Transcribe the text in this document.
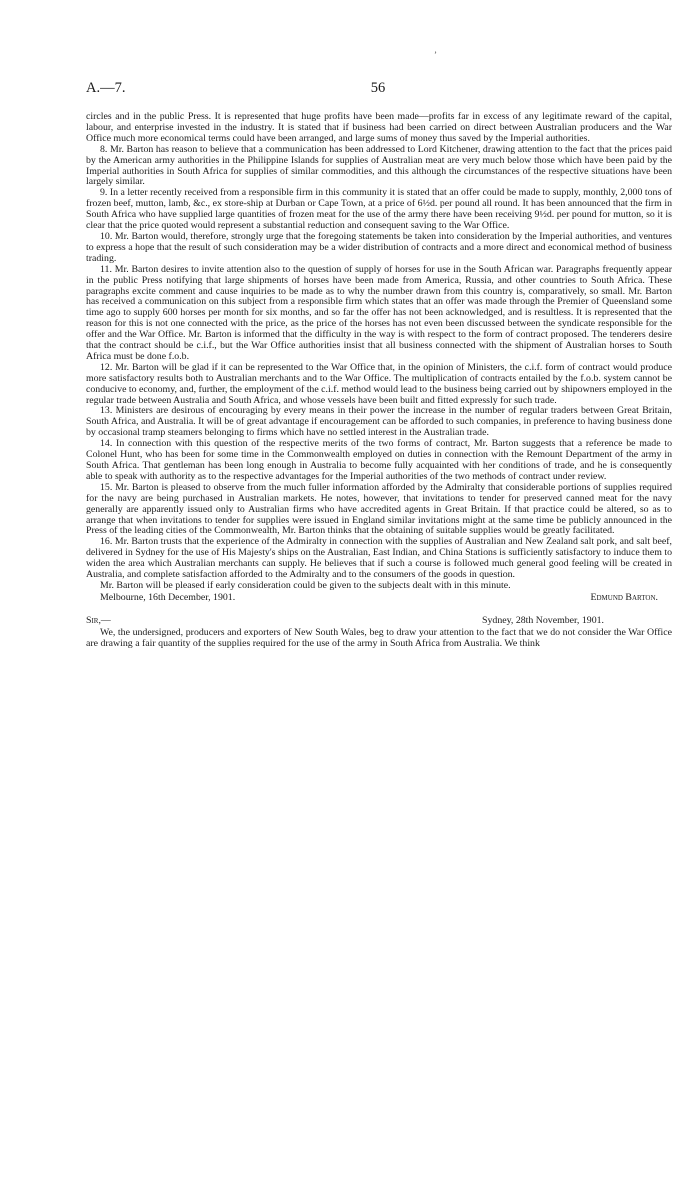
’
A.—7.	56

circles and in the public Press. It is represented that huge profits have been made—profits far in excess of any legitimate reward of the capital, labour, and enterprise invested in the industry. It is stated that if business had been carried on direct between Australian producers and the War Office much more economical terms could have been arranged, and large sums of money thus saved by the Imperial authorities.

8. Mr. Barton has reason to believe that a communication has been addressed to Lord Kitchener, drawing attention to the fact that the prices paid by the American army authorities in the Philippine Islands for supplies of Australian meat are very much below those which have been paid by the Imperial authorities in South Africa for supplies of similar commodities, and this although the circumstances of the respective situations have been largely similar.

9. In a letter recently received from a responsible firm in this community it is stated that an offer could be made to supply, monthly, 2,000 tons of frozen beef, mutton, lamb, &c., ex store-ship at Durban or Cape Town, at a price of 6½d. per pound all round. It has been announced that the firm in South Africa who have supplied large quantities of frozen meat for the use of the army there have been receiving 9½d. per pound for mutton, so it is clear that the price quoted would represent a substantial reduction and consequent saving to the War Office.

10. Mr. Barton would, therefore, strongly urge that the foregoing statements be taken into consideration by the Imperial authorities, and ventures to express a hope that the result of such consideration may be a wider distribution of contracts and a more direct and economical method of business trading.

11. Mr. Barton desires to invite attention also to the question of supply of horses for use in the South African war. Paragraphs frequently appear in the public Press notifying that large shipments of horses have been made from America, Russia, and other countries to South Africa. These paragraphs excite comment and cause inquiries to be made as to why the number drawn from this country is, comparatively, so small. Mr. Barton has received a communication on this subject from a responsible firm which states that an offer was made through the Premier of Queensland some time ago to supply 600 horses per month for six months, and so far the offer has not been acknowledged, and is resultless. It is represented that the reason for this is not one connected with the price, as the price of the horses has not even been discussed between the syndicate responsible for the offer and the War Office. Mr. Barton is informed that the difficulty in the way is with respect to the form of contract proposed. The tenderers desire that the contract should be c.i.f., but the War Office authorities insist that all business connected with the shipment of Australian horses to South Africa must be done f.o.b.

12. Mr. Barton will be glad if it can be represented to the War Office that, in the opinion of Ministers, the c.i.f. form of contract would produce more satisfactory results both to Australian merchants and to the War Office. The multiplication of contracts entailed by the f.o.b. system cannot be conducive to economy, and, further, the employment of the c.i.f. method would lead to the business being carried out by shipowners employed in the regular trade between Australia and South Africa, and whose vessels have been built and fitted expressly for such trade.

13. Ministers are desirous of encouraging by every means in their power the increase in the number of regular traders between Great Britain, South Africa, and Australia. It will be of great advantage if encouragement can be afforded to such companies, in preference to having business done by occasional tramp steamers belonging to firms which have no settled interest in the Australian trade.

14. In connection with this question of the respective merits of the two forms of contract, Mr. Barton suggests that a reference be made to Colonel Hunt, who has been for some time in the Commonwealth employed on duties in connection with the Remount Department of the army in South Africa. That gentleman has been long enough in Australia to become fully acquainted with her conditions of trade, and he is consequently able to speak with authority as to the respective advantages for the Imperial authorities of the two methods of contract under review.

15. Mr. Barton is pleased to observe from the much fuller information afforded by the Admiralty that considerable portions of supplies required for the navy are being purchased in Australian markets. He notes, however, that invitations to tender for preserved canned meat for the navy generally are apparently issued only to Australian firms who have accredited agents in Great Britain. If that practice could be altered, so as to arrange that when invitations to tender for supplies were issued in England similar invitations might at the same time be publicly announced in the Press of the leading cities of the Commonwealth, Mr. Barton thinks that the obtaining of suitable supplies would be greatly facilitated.

16. Mr. Barton trusts that the experience of the Admiralty in connection with the supplies of Australian and New Zealand salt pork, and salt beef, delivered in Sydney for the use of His Majesty's ships on the Australian, East Indian, and China Stations is sufficiently satisfactory to induce them to widen the area which Australian merchants can supply. He believes that if such a course is followed much general good feeling will be created in Australia, and complete satisfaction afforded to the Admiralty and to the consumers of the goods in question.

Mr. Barton will be pleased if early consideration could be given to the subjects dealt with in this minute.

Melbourne, 16th December, 1901.	Edmund Barton.
Sir,—	Sydney, 28th November, 1901.

We, the undersigned, producers and exporters of New South Wales, beg to draw your attention to the fact that we do not consider the War Office are drawing a fair quantity of the supplies required for the use of the army in South Africa from Australia. We think
